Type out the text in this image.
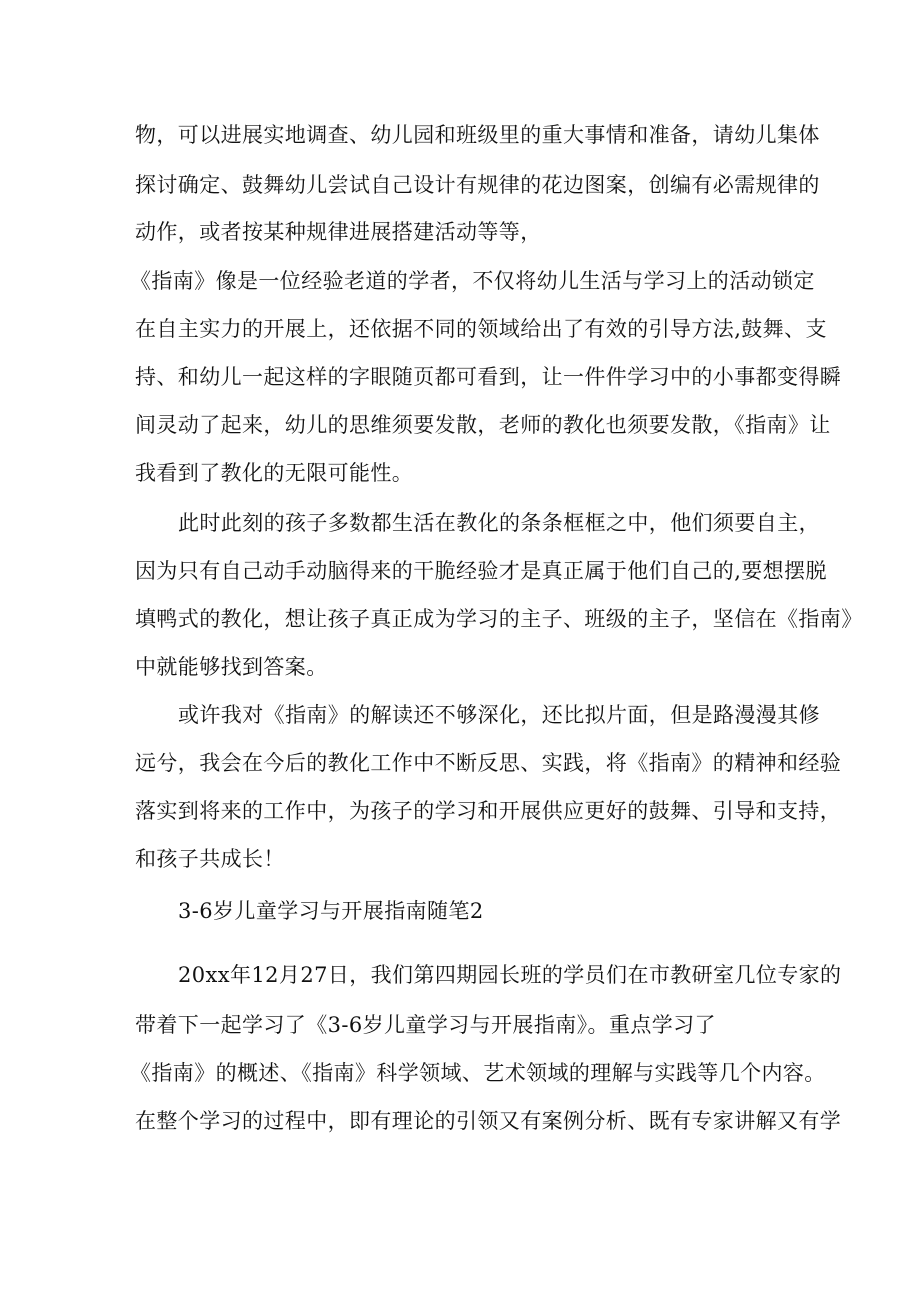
物，可以进展实地调查、幼儿园和班级里的重大事情和准备，请幼儿集体
探讨确定、鼓舞幼儿尝试自己设计有规律的花边图案，创编有必需规律的
动作，或者按某种规律进展搭建活动等等，
《指南》像是一位经验老道的学者，不仅将幼儿生活与学习上的活动锁定
在自主实力的开展上，还依据不同的领域给出了有效的引导方法,鼓舞、支
持、和幼儿一起这样的字眼随页都可看到，让一件件学习中的小事都变得瞬
间灵动了起来，幼儿的思维须要发散，老师的教化也须要发散，《指南》让
我看到了教化的无限可能性。
此时此刻的孩子多数都生活在教化的条条框框之中，他们须要自主，
因为只有自己动手动脑得来的干脆经验才是真正属于他们自己的,要想摆脱
填鸭式的教化，想让孩子真正成为学习的主子、班级的主子，坚信在《指南》
中就能够找到答案。
或许我对《指南》的解读还不够深化，还比拟片面，但是路漫漫其修
远兮，我会在今后的教化工作中不断反思、实践，将《指南》的精神和经验
落实到将来的工作中，为孩子的学习和开展供应更好的鼓舞、引导和支持，
和孩子共成长！
3-6岁儿童学习与开展指南随笔2
20xx年12月27日，我们第四期园长班的学员们在市教研室几位专家的
带着下一起学习了《3-6岁儿童学习与开展指南》。重点学习了
《指南》的概述、《指南》科学领域、艺术领域的理解与实践等几个内容。
在整个学习的过程中，即有理论的引领又有案例分析、既有专家讲解又有学
